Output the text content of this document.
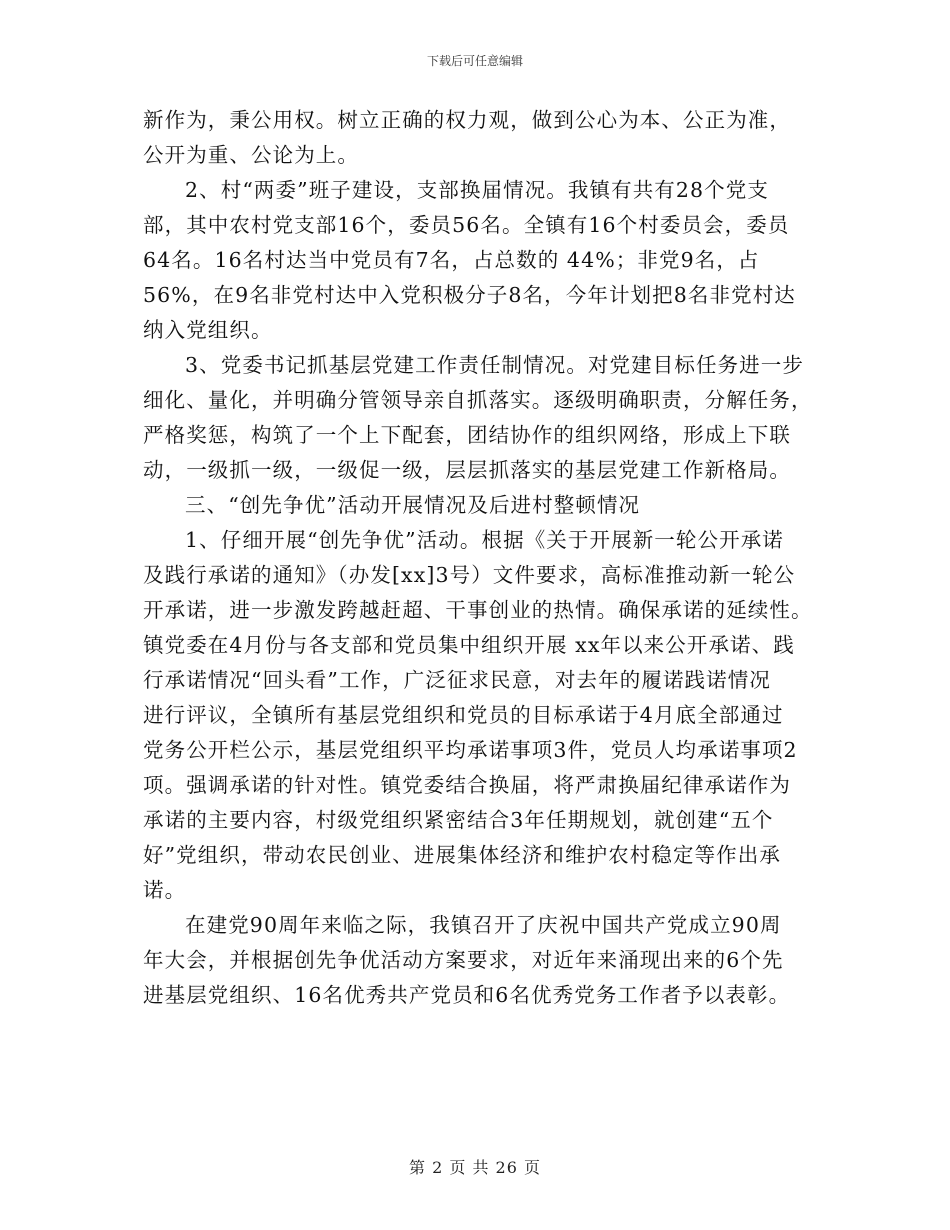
下载后可任意编辑
新作为，秉公用权。树立正确的权力观，做到公心为本、公正为准，
公开为重、公论为上。
2、村“两委”班子建设，支部换届情况。我镇有共有28个党支
部，其中农村党支部16个，委员56名。全镇有16个村委员会，委员
64名。16名村达当中党员有7名，占总数的 44%；非党9名，占
56%，在9名非党村达中入党积极分子8名，今年计划把8名非党村达
纳入党组织。
3、党委书记抓基层党建工作责任制情况。对党建目标任务进一步
细化、量化，并明确分管领导亲自抓落实。逐级明确职责，分解任务，
严格奖惩，构筑了一个上下配套，团结协作的组织网络，形成上下联
动，一级抓一级，一级促一级，层层抓落实的基层党建工作新格局。
三、“创先争优”活动开展情况及后进村整顿情况
1、仔细开展“创先争优”活动。根据《关于开展新一轮公开承诺
及践行承诺的通知》（办发[xx]3号）文件要求，高标准推动新一轮公
开承诺，进一步激发跨越赶超、干事创业的热情。确保承诺的延续性。
镇党委在4月份与各支部和党员集中组织开展 xx年以来公开承诺、践
行承诺情况“回头看”工作，广泛征求民意，对去年的履诺践诺情况
进行评议，全镇所有基层党组织和党员的目标承诺于4月底全部通过
党务公开栏公示，基层党组织平均承诺事项3件，党员人均承诺事项2
项。强调承诺的针对性。镇党委结合换届，将严肃换届纪律承诺作为
承诺的主要内容，村级党组织紧密结合3年任期规划，就创建“五个
好”党组织，带动农民创业、进展集体经济和维护农村稳定等作出承
诺。
在建党90周年来临之际，我镇召开了庆祝中国共产党成立90周
年大会，并根据创先争优活动方案要求，对近年来涌现出来的6个先
进基层党组织、16名优秀共产党员和6名优秀党务工作者予以表彰。
第 2 页 共 26 页
